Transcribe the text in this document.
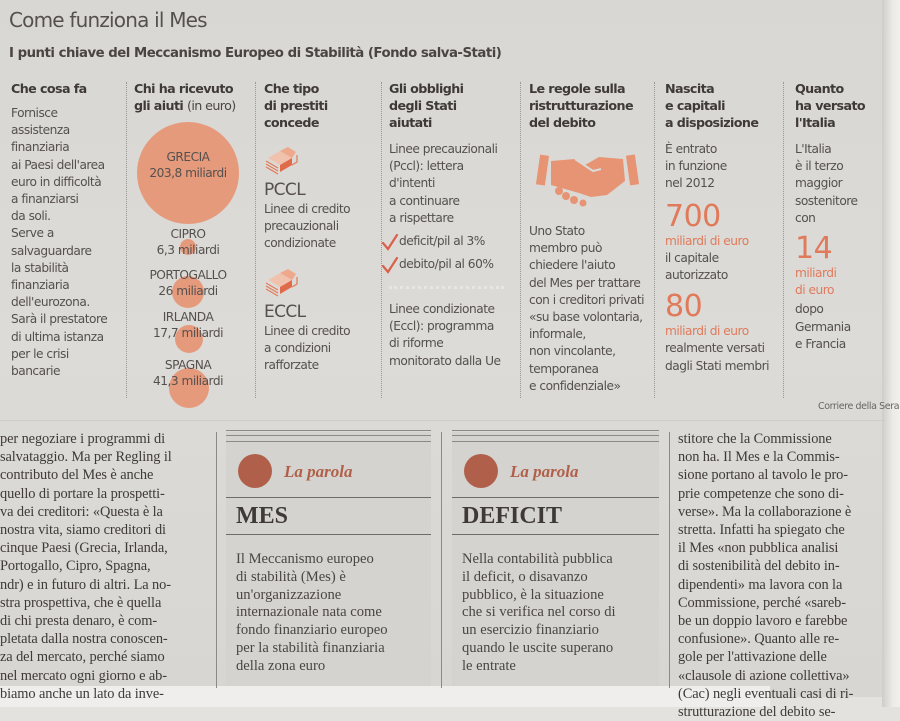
Come funziona il Mes
I punti chiave del Meccanismo Europeo di Stabilità (Fondo salva-Stati)
Che cosa fa
Fornisce
assistenza
finanziaria
ai Paesi dell'area
euro in difficoltà
a finanziarsi
da soli.
Serve a
salvaguardare
la stabilità
finanziaria
dell'eurozona.
Sarà il prestatore
di ultima istanza
per le crisi
bancarie
Chi ha ricevuto
gli aiuti (in euro)
GRECIA
203,8 miliardi
CIPRO
6,3 miliardi
PORTOGALLO
26 miliardi
IRLANDA
17,7 miliardi
SPAGNA
41,3 miliardi
Che tipo
di prestiti
concede
PCCL
Linee di credito
precauzionali
condizionate
ECCL
Linee di credito
a condizioni
rafforzate
Gli obblighi
degli Stati
aiutati
Linee precauzionali
(Pccl): lettera
d'intenti
a continuare
a rispettare
deficit/pil al 3%
debito/pil al 60%
Linee condizionate
(Eccl): programma
di riforme
monitorato dalla Ue
Le regole sulla
ristrutturazione
del debito
Uno Stato
membro può
chiedere l'aiuto
del Mes per trattare
con i creditori privati
«su base volontaria,
informale,
non vincolante,
temporanea
e confidenziale»
Nascita
e capitali
a disposizione
È entrato
in funzione
nel 2012
700
miliardi di euro
il capitale
autorizzato
80
miliardi di euro
realmente versati
dagli Stati membri
Quanto
ha versato
l'Italia
L'Italia
è il terzo
maggior
sostenitore
con
14
miliardi
di euro
dopo
Germania
e Francia
Corriere della Sera

per negoziare i programmi di

salvataggio. Ma per Regling il

contributo del Mes è anche

quello di portare la prospetti-

va dei creditori: «Questa è la

nostra vita, siamo creditori di

cinque Paesi (Grecia, Irlanda,

Portogallo, Cipro, Spagna,

ndr) e in futuro di altri. La no-

stra prospettiva, che è quella

di chi presta denaro, è com-

pletata dalla nostra conoscen-

za del mercato, perché siamo

nel mercato ogni giorno e ab-

biamo anche un lato da inve-

La parola
MES
Il Meccanismo europeo
di stabilità (Mes) è
un'organizzazione
internazionale nata come
fondo finanziario europeo
per la stabilità finanziaria
della zona euro
La parola
DEFICIT
Nella contabilità pubblica
il deficit, o disavanzo
pubblico, è la situazione
che si verifica nel corso di
un esercizio finanziario
quando le uscite superano
le entrate

stitore che la Commissione

non ha. Il Mes e la Commis-

sione portano al tavolo le pro-

prie competenze che sono di-

verse». Ma la collaborazione è

stretta. Infatti ha spiegato che

il Mes «non pubblica analisi

di sostenibilità del debito in-

dipendenti» ma lavora con la

Commissione, perché «sareb-

be un doppio lavoro e farebbe

confusione». Quanto alle re-

gole per l'attivazione delle

«clausole di azione collettiva»

(Cac) negli eventuali casi di ri-

strutturazione del debito se-
